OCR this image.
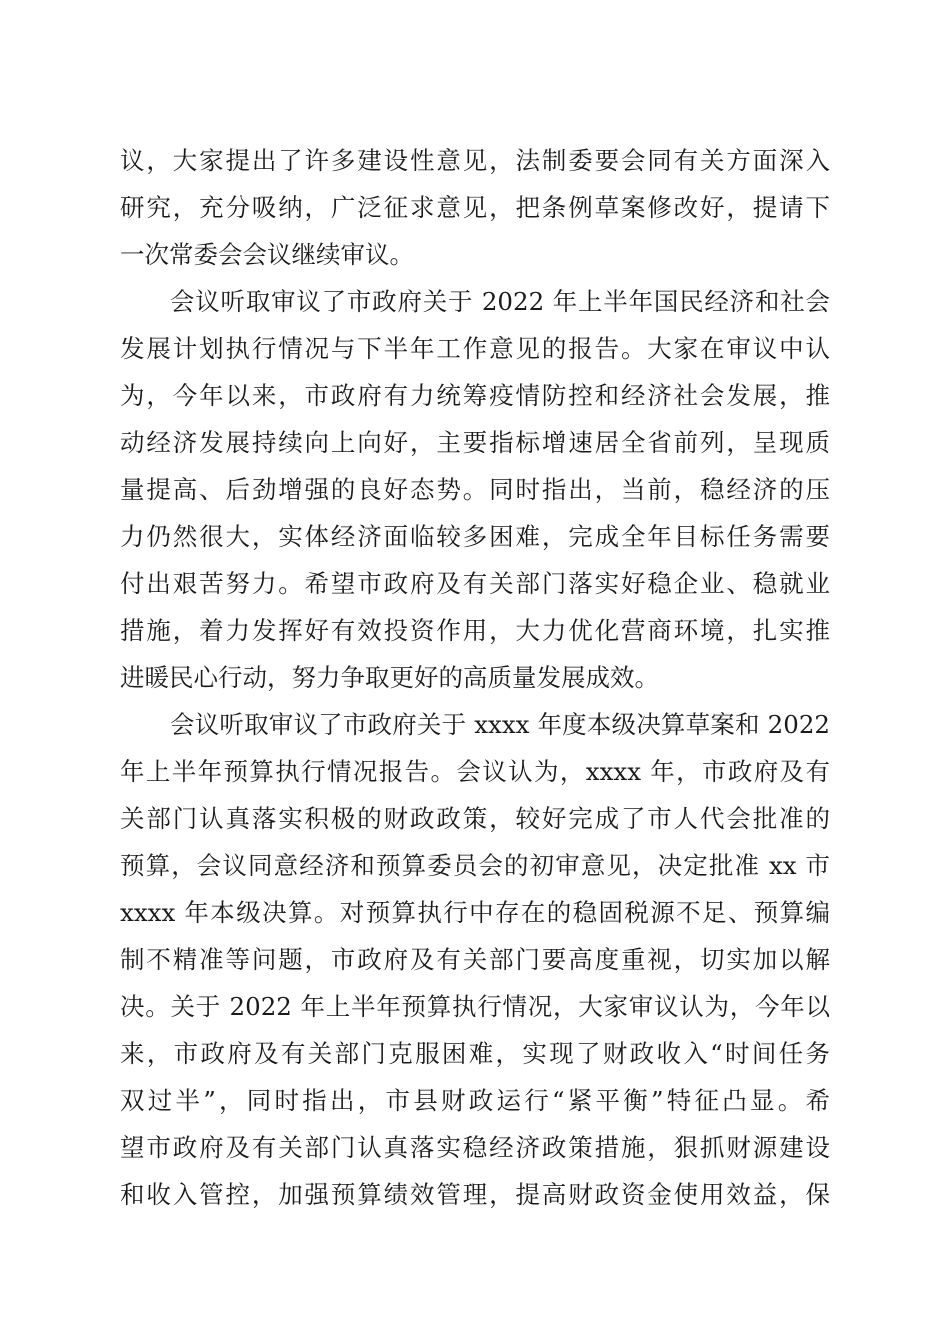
议，大家提出了许多建设性意见，法制委要会同有关方面深入
研究，充分吸纳，广泛征求意见，把条例草案修改好，提请下
一次常委会会议继续审议。
会议听取审议了市政府关于 2022 年上半年国民经济和社会
发展计划执行情况与下半年工作意见的报告。大家在审议中认
为，今年以来，市政府有力统筹疫情防控和经济社会发展，推
动经济发展持续向上向好，主要指标增速居全省前列，呈现质
量提高、后劲增强的良好态势。同时指出，当前，稳经济的压
力仍然很大，实体经济面临较多困难，完成全年目标任务需要
付出艰苦努力。希望市政府及有关部门落实好稳企业、稳就业
措施，着力发挥好有效投资作用，大力优化营商环境，扎实推
进暖民心行动，努力争取更好的高质量发展成效。
会议听取审议了市政府关于 xxxx 年度本级决算草案和 2022
年上半年预算执行情况报告。会议认为，xxxx 年，市政府及有
关部门认真落实积极的财政政策，较好完成了市人代会批准的
预算，会议同意经济和预算委员会的初审意见，决定批准 xx 市
xxxx 年本级决算。对预算执行中存在的稳固税源不足、预算编
制不精准等问题，市政府及有关部门要高度重视，切实加以解
决。关于 2022 年上半年预算执行情况，大家审议认为，今年以
来，市政府及有关部门克服困难，实现了财政收入“时间任务
双过半”，同时指出，市县财政运行“紧平衡”特征凸显。希
望市政府及有关部门认真落实稳经济政策措施，狠抓财源建设
和收入管控，加强预算绩效管理，提高财政资金使用效益，保
